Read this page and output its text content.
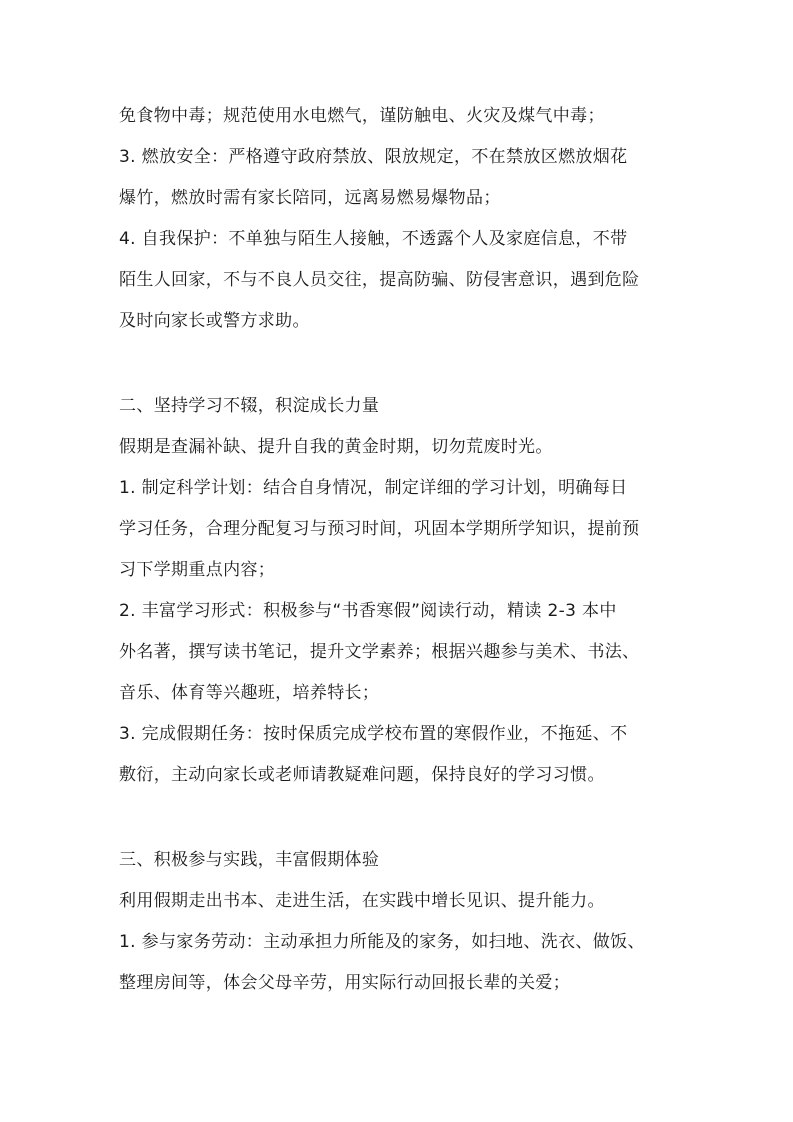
免食物中毒；规范使用水电燃气，谨防触电、火灾及煤气中毒；
3. 燃放安全：严格遵守政府禁放、限放规定，不在禁放区燃放烟花
爆竹，燃放时需有家长陪同，远离易燃易爆物品；
4. 自我保护：不单独与陌生人接触，不透露个人及家庭信息，不带
陌生人回家，不与不良人员交往，提高防骗、防侵害意识，遇到危险
及时向家长或警方求助。
二、坚持学习不辍，积淀成长力量
假期是查漏补缺、提升自我的黄金时期，切勿荒废时光。
1. 制定科学计划：结合自身情况，制定详细的学习计划，明确每日
学习任务，合理分配复习与预习时间，巩固本学期所学知识，提前预
习下学期重点内容；
2. 丰富学习形式：积极参与“书香寒假”阅读行动，精读 2-3 本中
外名著，撰写读书笔记，提升文学素养；根据兴趣参与美术、书法、
音乐、体育等兴趣班，培养特长；
3. 完成假期任务：按时保质完成学校布置的寒假作业，不拖延、不
敷衍，主动向家长或老师请教疑难问题，保持良好的学习习惯。
三、积极参与实践，丰富假期体验
利用假期走出书本、走进生活，在实践中增长见识、提升能力。
1. 参与家务劳动：主动承担力所能及的家务，如扫地、洗衣、做饭、
整理房间等，体会父母辛劳，用实际行动回报长辈的关爱；
